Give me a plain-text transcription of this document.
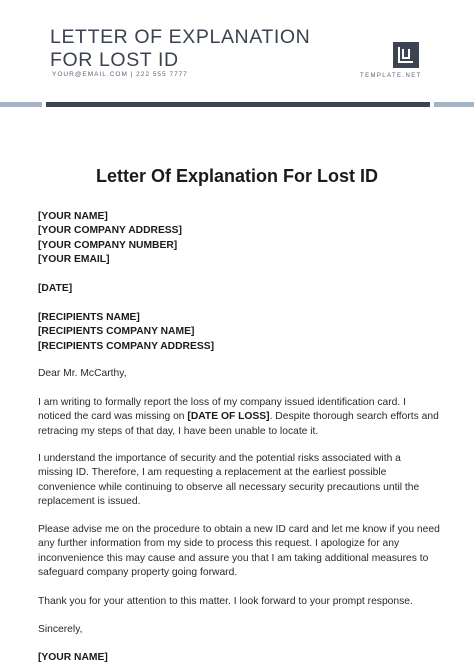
LETTER OF EXPLANATION
FOR LOST ID
YOUR@EMAIL.COM | 222 555 7777	TEMPLATE.NET
Letter Of Explanation For Lost ID
[YOUR NAME]
[YOUR COMPANY ADDRESS]
[YOUR COMPANY NUMBER]
[YOUR EMAIL]
[DATE]
[RECIPIENTS NAME]
[RECIPIENTS COMPANY NAME]
[RECIPIENTS COMPANY ADDRESS]
Dear Mr. McCarthy,
I am writing to formally report the loss of my company issued identification card. I
noticed the card was missing on [DATE OF LOSS]. Despite thorough search efforts and
retracing my steps of that day, I have been unable to locate it.
I understand the importance of security and the potential risks associated with a
missing ID. Therefore, I am requesting a replacement at the earliest possible
convenience while continuing to observe all necessary security precautions until the
replacement is issued.
Please advise me on the procedure to obtain a new ID card and let me know if you need
any further information from my side to process this request. I apologize for any
inconvenience this may cause and assure you that I am taking additional measures to
safeguard company property going forward.
Thank you for your attention to this matter. I look forward to your prompt response.
Sincerely,
[YOUR NAME]
